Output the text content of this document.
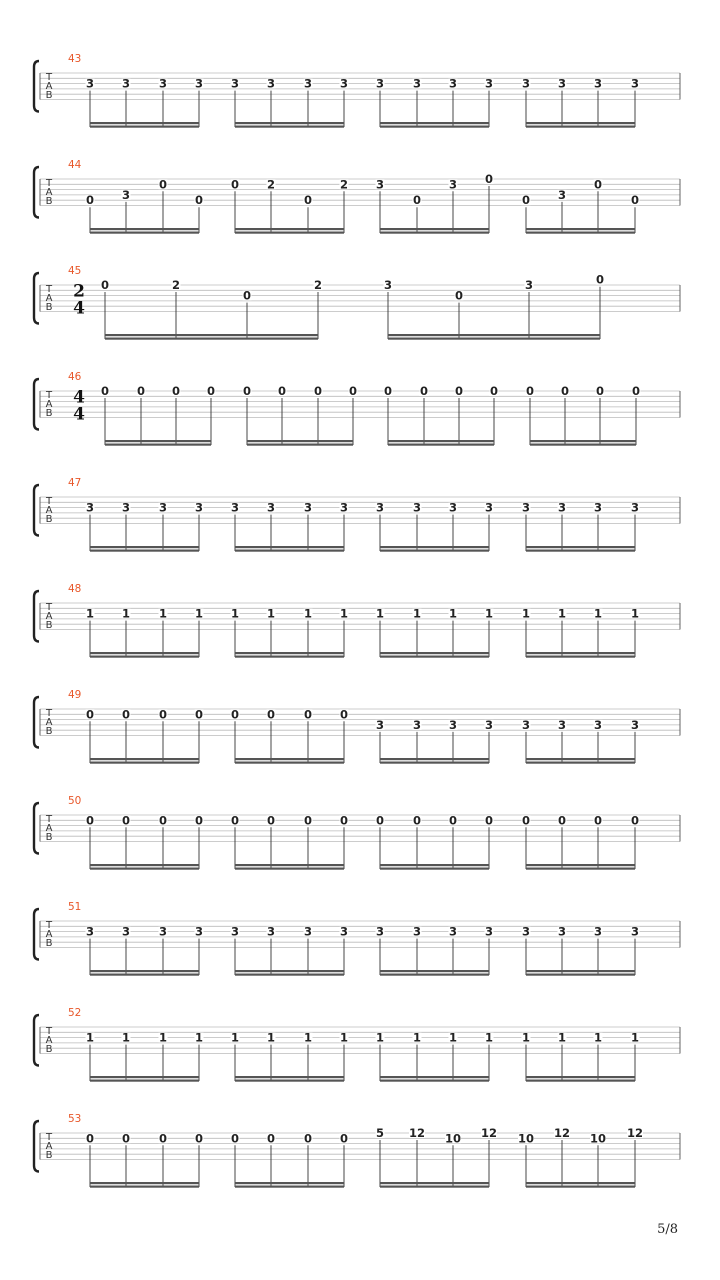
T
A
B
43
3 3	3 3 3 3	3 3 3	3 3 3	3 3 3	3
T
A
B
44
0 3
0
0
0 2
0
2 3
0
3 0
0 3
0
0
T
A
B
45
2
4
0	2
0
2	3
0
3	0
T
A
B
46
4
4
0 0 0 0 0 0 0 0 0 0 0 0 0 0 0 0
T
A
B
47
3 3	3 3 3 3	3 3 3	3 3 3	3 3 3	3
T
A
B
48
1 1	1 1 1 1	1 1 1	1 1 1	1 1 1	1
T
A
B
49
0 0	0 0 0 0	0 0
3	3 3 3	3 3 3	3
T
A
B
50
0 0	0 0 0 0	0 0 0	0 0 0	0 0 0	0
T
A
B
51
3 3	3 3 3 3	3 3 3	3 3 3	3 3 3	3
T
A
B
52
1 1	1 1 1 1	1 1 1	1 1 1	1 1 1	1
T
A
B
53
0 0	0 0 0 0	0 0 5 12 10 12 10 12 10 12
5/8
